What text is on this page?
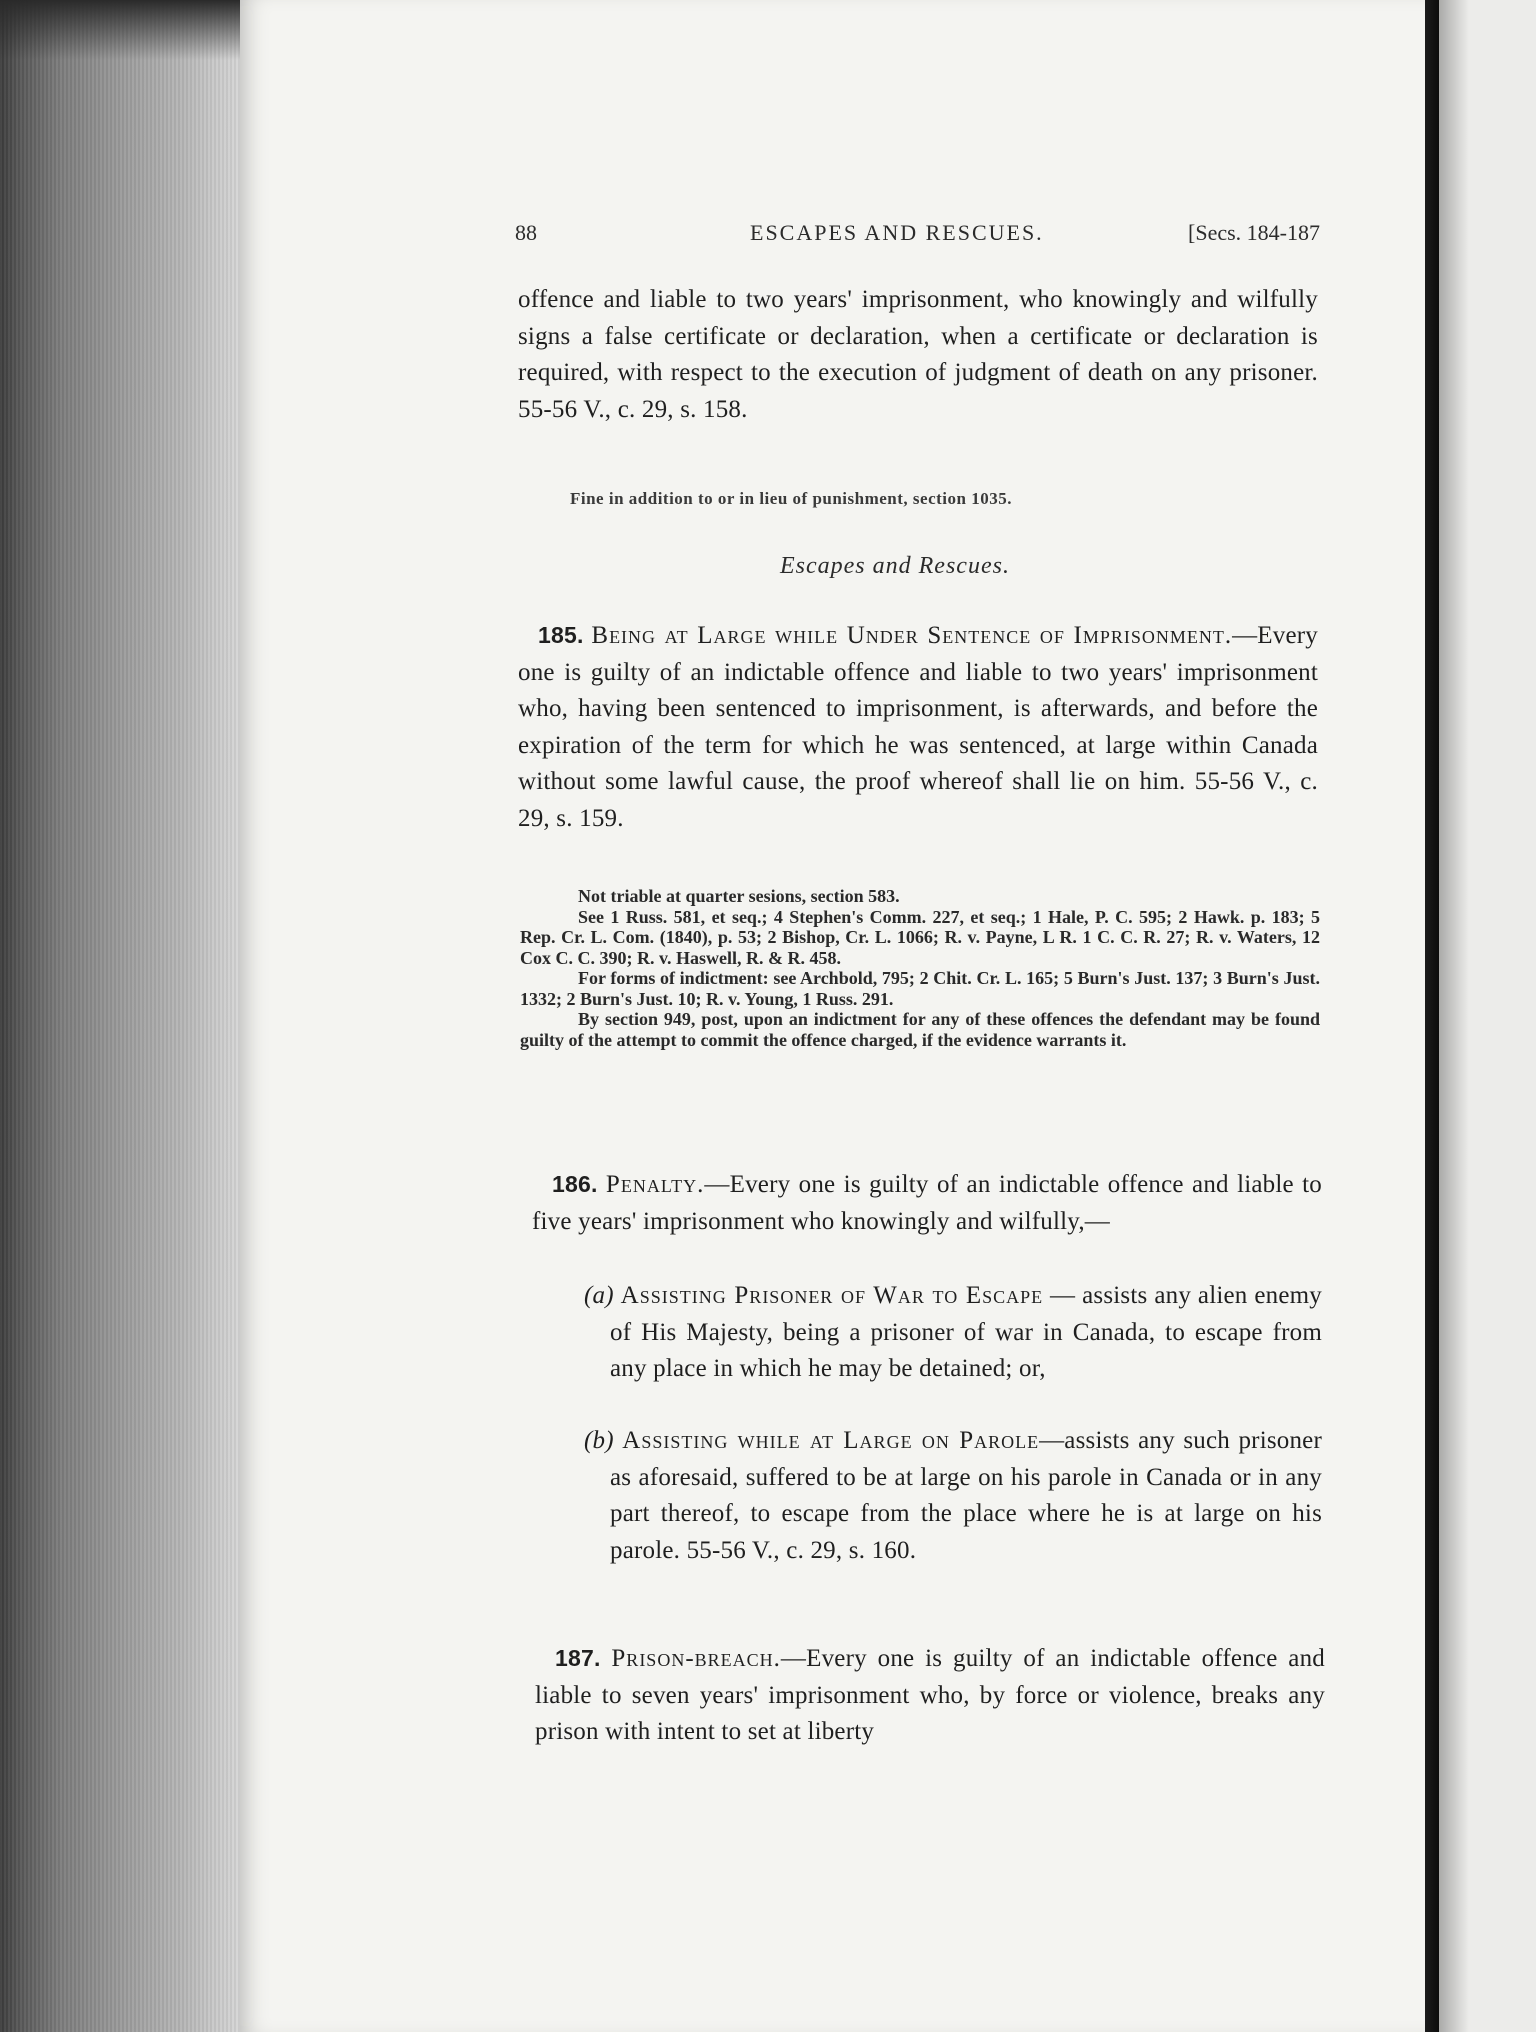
88	ESCAPES AND RESCUES.	[Secs. 184-187

offence and liable to two years' imprisonment, who knowingly and wilfully signs a false certificate or declaration, when a certificate or declaration is required, with respect to the execution of judgment of death on any prisoner. 55-56 V., c. 29, s. 158.

Fine in addition to or in lieu of punishment, section 1035.
Escapes and Rescues.

185. Being at Large while Under Sentence of Imprisonment.—Every one is guilty of an indictable offence and liable to two years' imprisonment who, having been sentenced to imprisonment, is afterwards, and before the expiration of the term for which he was sentenced, at large within Canada without some lawful cause, the proof whereof shall lie on him. 55-56 V., c. 29, s. 159.

Not triable at quarter sesions, section 583.
See 1 Russ. 581, et seq.; 4 Stephen's Comm. 227, et seq.; 1 Hale, P. C. 595; 2 Hawk. p. 183; 5 Rep. Cr. L. Com. (1840), p. 53; 2 Bishop, Cr. L. 1066; R. v. Payne, L R. 1 C. C. R. 27; R. v. Waters, 12 Cox C. C. 390; R. v. Haswell, R. & R. 458.
For forms of indictment: see Archbold, 795; 2 Chit. Cr. L. 165; 5 Burn's Just. 137; 3 Burn's Just. 1332; 2 Burn's Just. 10; R. v. Young, 1 Russ. 291.
By section 949, post, upon an indictment for any of these offences the defendant may be found guilty of the attempt to commit the offence charged, if the evidence warrants it.

186. Penalty.—Every one is guilty of an indictable offence and liable to five years' imprisonment who knowingly and wilfully,—

(a) Assisting Prisoner of War to Escape — assists any alien enemy of His Majesty, being a prisoner of war in Canada, to escape from any place in which he may be detained; or,

(b) Assisting while at Large on Parole—assists any such prisoner as aforesaid, suffered to be at large on his parole in Canada or in any part thereof, to escape from the place where he is at large on his parole. 55-56 V., c. 29, s. 160.

187. Prison-breach.—Every one is guilty of an indictable offence and liable to seven years' imprisonment who, by force or violence, breaks any prison with intent to set at liberty
